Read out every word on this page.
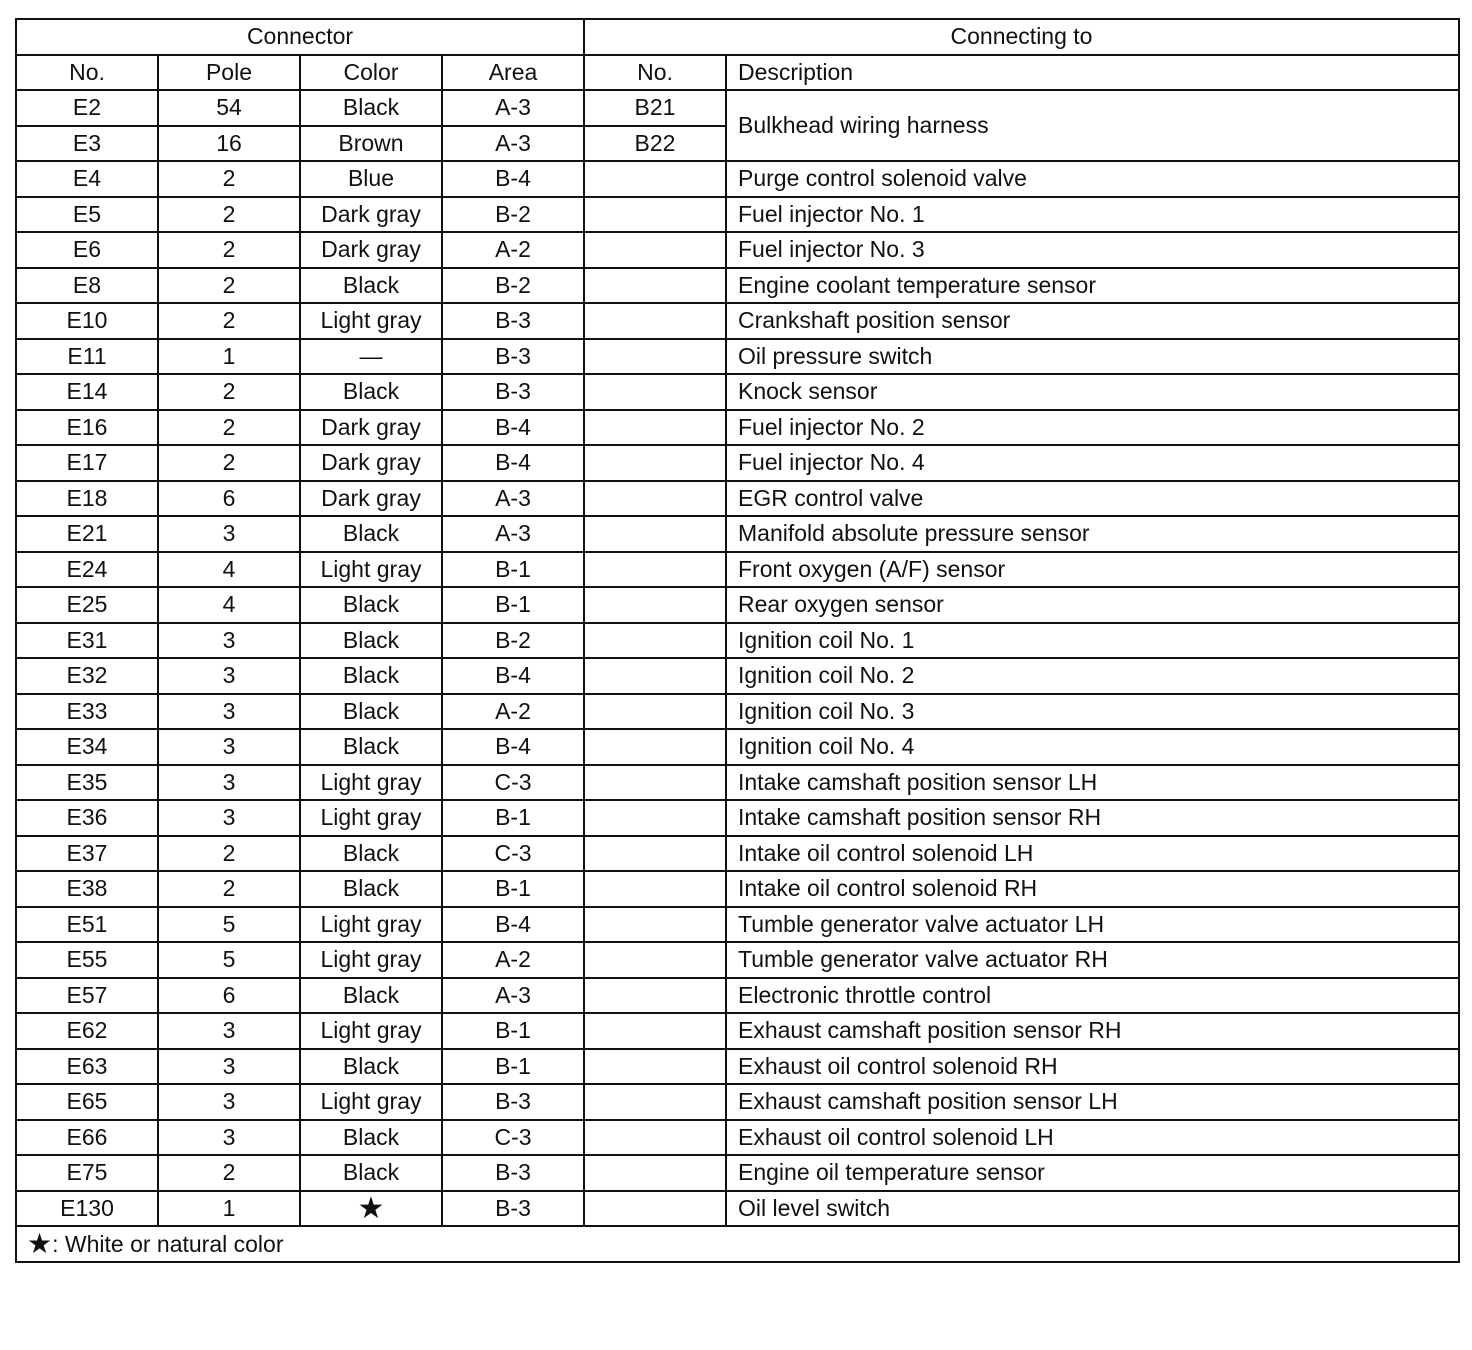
Connector				Connecting to	
No.	Pole	Color	Area	No.	Description
E2	54	Black	A-3	B21	Bulkhead wiring harness
E3	16	Brown	A-3	B22	
E4	2	Blue	B-4		Purge control solenoid valve
E5	2	Dark gray	B-2		Fuel injector No. 1
E6	2	Dark gray	A-2		Fuel injector No. 3
E8	2	Black	B-2		Engine coolant temperature sensor
E10	2	Light gray	B-3		Crankshaft position sensor
E11	1	—	B-3		Oil pressure switch
E14	2	Black	B-3		Knock sensor
E16	2	Dark gray	B-4		Fuel injector No. 2
E17	2	Dark gray	B-4		Fuel injector No. 4
E18	6	Dark gray	A-3		EGR control valve
E21	3	Black	A-3		Manifold absolute pressure sensor
E24	4	Light gray	B-1		Front oxygen (A/F) sensor
E25	4	Black	B-1		Rear oxygen sensor
E31	3	Black	B-2		Ignition coil No. 1
E32	3	Black	B-4		Ignition coil No. 2
E33	3	Black	A-2		Ignition coil No. 3
E34	3	Black	B-4		Ignition coil No. 4
E35	3	Light gray	C-3		Intake camshaft position sensor LH
E36	3	Light gray	B-1		Intake camshaft position sensor RH
E37	2	Black	C-3		Intake oil control solenoid LH
E38	2	Black	B-1		Intake oil control solenoid RH
E51	5	Light gray	B-4		Tumble generator valve actuator LH
E55	5	Light gray	A-2		Tumble generator valve actuator RH
E57	6	Black	A-3		Electronic throttle control
E62	3	Light gray	B-1		Exhaust camshaft position sensor RH
E63	3	Black	B-1		Exhaust oil control solenoid RH
E65	3	Light gray	B-3		Exhaust camshaft position sensor LH
E66	3	Black	C-3		Exhaust oil control solenoid LH
E75	2	Black	B-3		Engine oil temperature sensor
E130	1	★	B-3		Oil level switch
★: White or natural color					
